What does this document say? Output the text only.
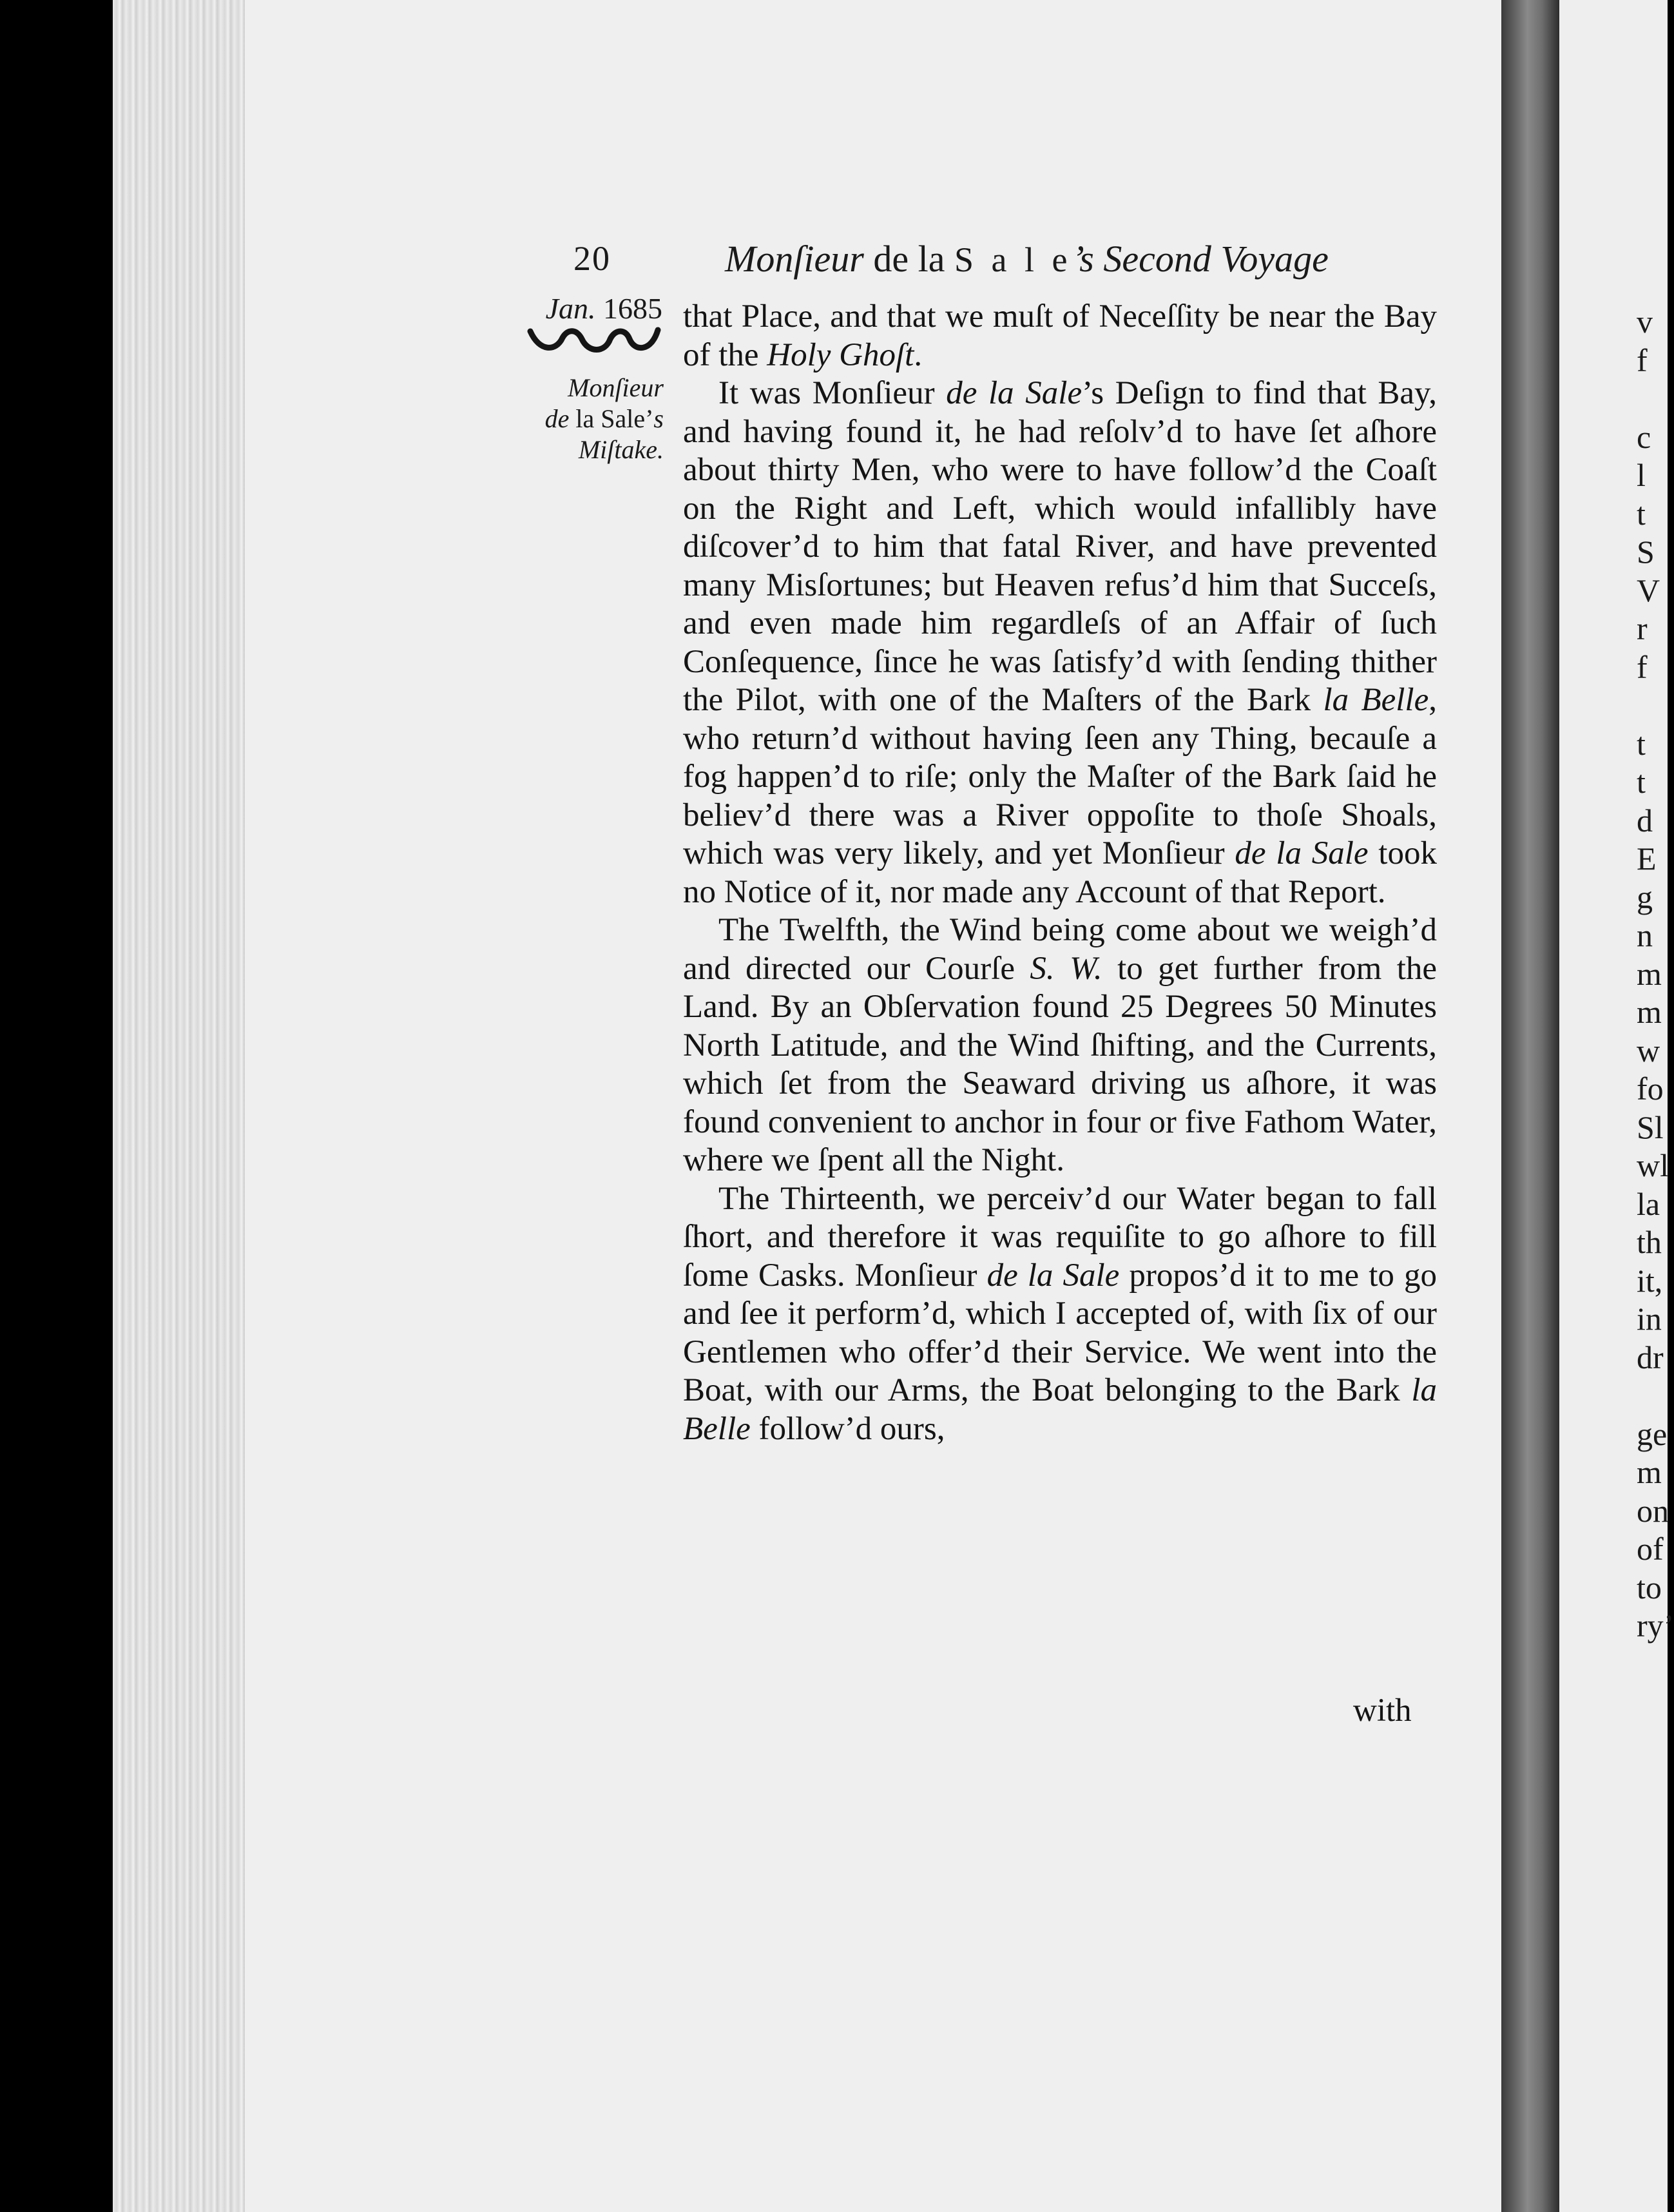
v
f

c
l
t
S
V
r
f

t
t
d
E
g
n
m
m
w
fo
Sl
wl
la
th
it,
in
dr

ge
m
on
of
to
ry’
20	Monſieur de la S a l e’s Second Voyage
Jan. 1685
Monſieur
de la Sale’s
Miſtake.

that Place, and that we muſt of Neceſſity be near the Bay of the Holy Ghoſt.

It was Monſieur de la Sale’s Deſign to find that Bay, and having found it, he had reſolv’d to have ſet aſhore about thirty Men, who were to have follow’d the Coaſt on the Right and Left, which would infallibly have diſcover’d to him that fatal River, and have prevented many Misſortunes; but Heaven refus’d him that Succeſs, and even made him regardleſs of an Affair of ſuch Conſequence, ſince he was ſatisfy’d with ſending thither the Pilot, with one of the Maſters of the Bark la Belle, who return’d without having ſeen any Thing, becauſe a fog happen’d to riſe; only the Maſter of the Bark ſaid he believ’d there was a River oppoſite to thoſe Shoals, which was very likely, and yet Monſieur de la Sale took no Notice of it, nor made any Account of that Report.

The Twelfth, the Wind being come about we weigh’d and directed our Courſe S. W. to get further from the Land. By an Obſervation found 25 Degrees 50 Minutes North Latitude, and the Wind ſhifting, and the Currents, which ſet from the Seaward driving us aſhore, it was found convenient to anchor in four or five Fathom Water, where we ſpent all the Night.

The Thirteenth, we perceiv’d our Water began to fall ſhort, and therefore it was requiſite to go aſhore to fill ſome Casks. Monſieur de la Sale propos’d it to me to go and ſee it perform’d, which I accepted of, with ſix of our Gentlemen who offer’d their Service. We went into the Boat, with our Arms, the Boat belonging to the Bark la Belle follow’d ours,

with
